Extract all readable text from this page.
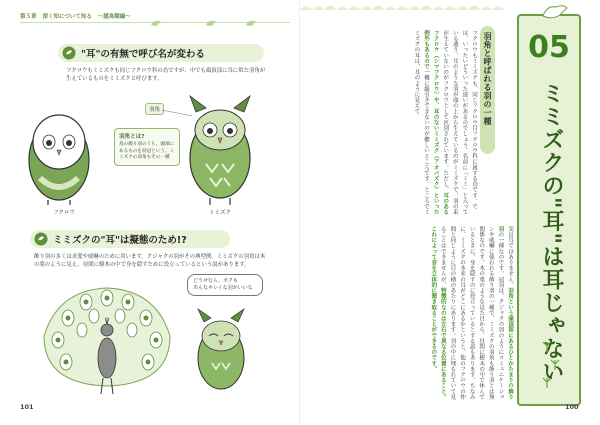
第５章 深く知について知る 〜謎鳥類編〜
"耳"の有無で呼び名が変わる
フクロウもミミズクも同じフクロウ科の鳥ですが、中でも頭頂部に耳に似た羽角が生えているものをミミズクと呼びます。
フクロウ
羽角とは?
鳥の飾り羽のうち、頭部にあるものを羽冠という。ミミズクの羽角もその一種
羽角
ミミズク
ミミズクの"耳"は擬態のため!?
飾り羽の多くは求愛や威嚇のために用います。クジャクの羽がその典型例。ミミズクの羽角は木の葉のように見え、昼間に樹木の中で身を隠すために役立っているという説があります。
どうせなら、ボクも
あんなキレイな羽がいいな
101
羽角と呼ばれる羽の一種
フクロウもミミズクも、同じフクロウ目フクロウ科に属する鳥です。では、いったいどういった違いがあるのでしょう。名前に「ミミ」と入っている通り、耳のような羽が頭の上から生えているのがミミズクで、羽の束が生えていないのがフクロウとして区別されています。ただし、耳のあるフクロウ（シマフクロウ）や、耳のないミミズク（アオバズク）といった例外もあるので一概に線引きできないのが難しいところです。ところでミミズクの耳は、耳のように見えて
実は耳ではありません。羽角という頭頂部にあるひとかたまりの飾り羽の一種なのです。冠羽は、クジャクの羽のようにコミュニケーションや威嚇に使われる飾り羽の一種で、ミミズクの羽角も飾り羽とは無関係なのです。木の葉のような見た目から、昼間に樹木の中で休んでいるときに、身を隠すのに役立っているとする説もあります。ちなみに、ミミズクの本来の耳がどこにあるかというと、他のフクロウの仲間と同じように目の横のあたりにあります。羽の中に埋もれていて見ることはできませんが、特徴的なのは左右で異なる位置にあること。これによって音を立体的に聞き取ることができるのです。
05
ミミズクの"耳"は耳じゃない
100
